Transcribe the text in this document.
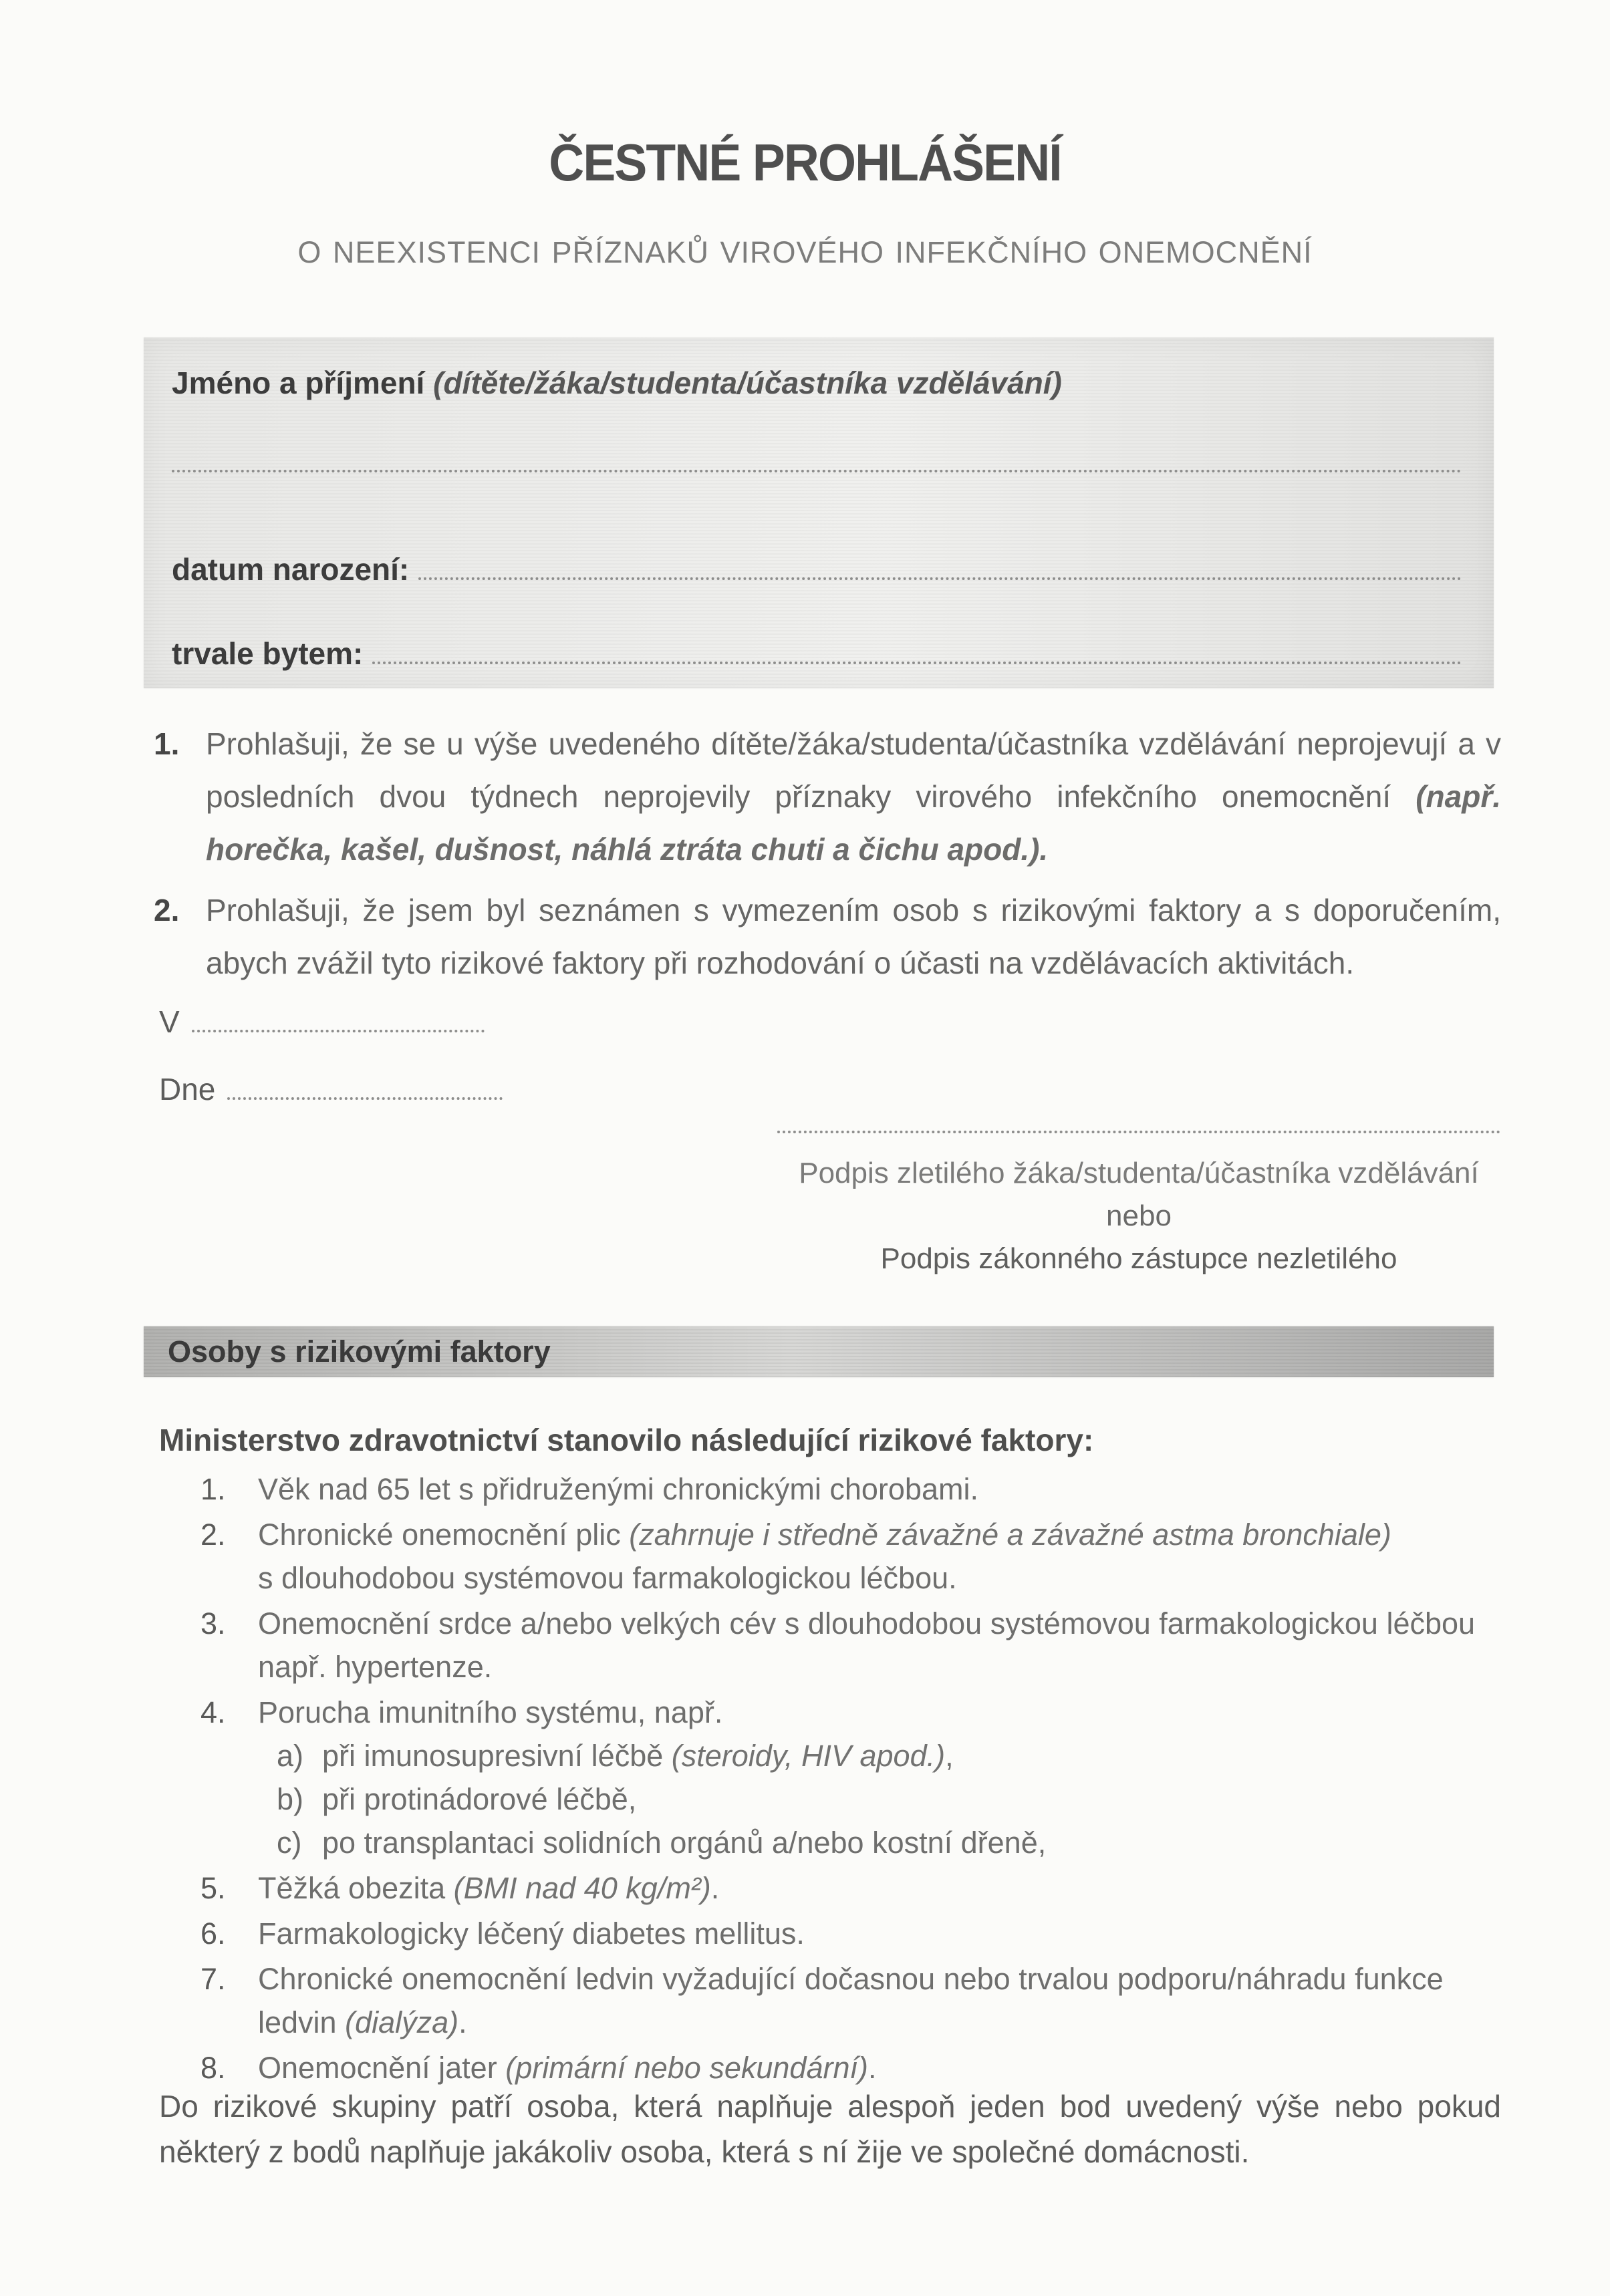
ČESTNÉ PROHLÁŠENÍ
O NEEXISTENCI PŘÍZNAKŮ VIROVÉHO INFEKČNÍHO ONEMOCNĚNÍ
Jméno a příjmení (dítěte/žáka/studenta/účastníka vzdělávání)
datum narození:
trvale bytem:
1. Prohlašuji, že se u výše uvedeného dítěte/žáka/studenta/účastníka vzdělávání neprojevují a v posledních dvou týdnech neprojevily příznaky virového infekčního onemocnění (např. horečka, kašel, dušnost, náhlá ztráta chuti a čichu apod.).
2. Prohlašuji, že jsem byl seznámen s vymezením osob s rizikovými faktory a s doporučením, abych zvážil tyto rizikové faktory při rozhodování o účasti na vzdělávacích aktivitách.
V
Dne
Podpis zletilého žáka/studenta/účastníka vzdělávání
nebo
Podpis zákonného zástupce nezletilého
Osoby s rizikovými faktory
Ministerstvo zdravotnictví stanovilo následující rizikové faktory:
1.	Věk nad 65 let s přidruženými chronickými chorobami.
2.	Chronické onemocnění plic (zahrnuje i středně závažné a závažné astma bronchiale)
s dlouhodobou systémovou farmakologickou léčbou.
3.	Onemocnění srdce a/nebo velkých cév s dlouhodobou systémovou farmakologickou léčbou
např. hypertenze.
4.	Porucha imunitního systému, např.
a) při imunosupresivní léčbě (steroidy, HIV apod.),
b) při protinádorové léčbě,
c) po transplantaci solidních orgánů a/nebo kostní dřeně,
5.	Těžká obezita (BMI nad 40 kg/m²).
6.	Farmakologicky léčený diabetes mellitus.
7.	Chronické onemocnění ledvin vyžadující dočasnou nebo trvalou podporu/náhradu funkce
ledvin (dialýza).
8.	Onemocnění jater (primární nebo sekundární).
Do rizikové skupiny patří osoba, která naplňuje alespoň jeden bod uvedený výše nebo pokud některý z bodů naplňuje jakákoliv osoba, která s ní žije ve společné domácnosti.
